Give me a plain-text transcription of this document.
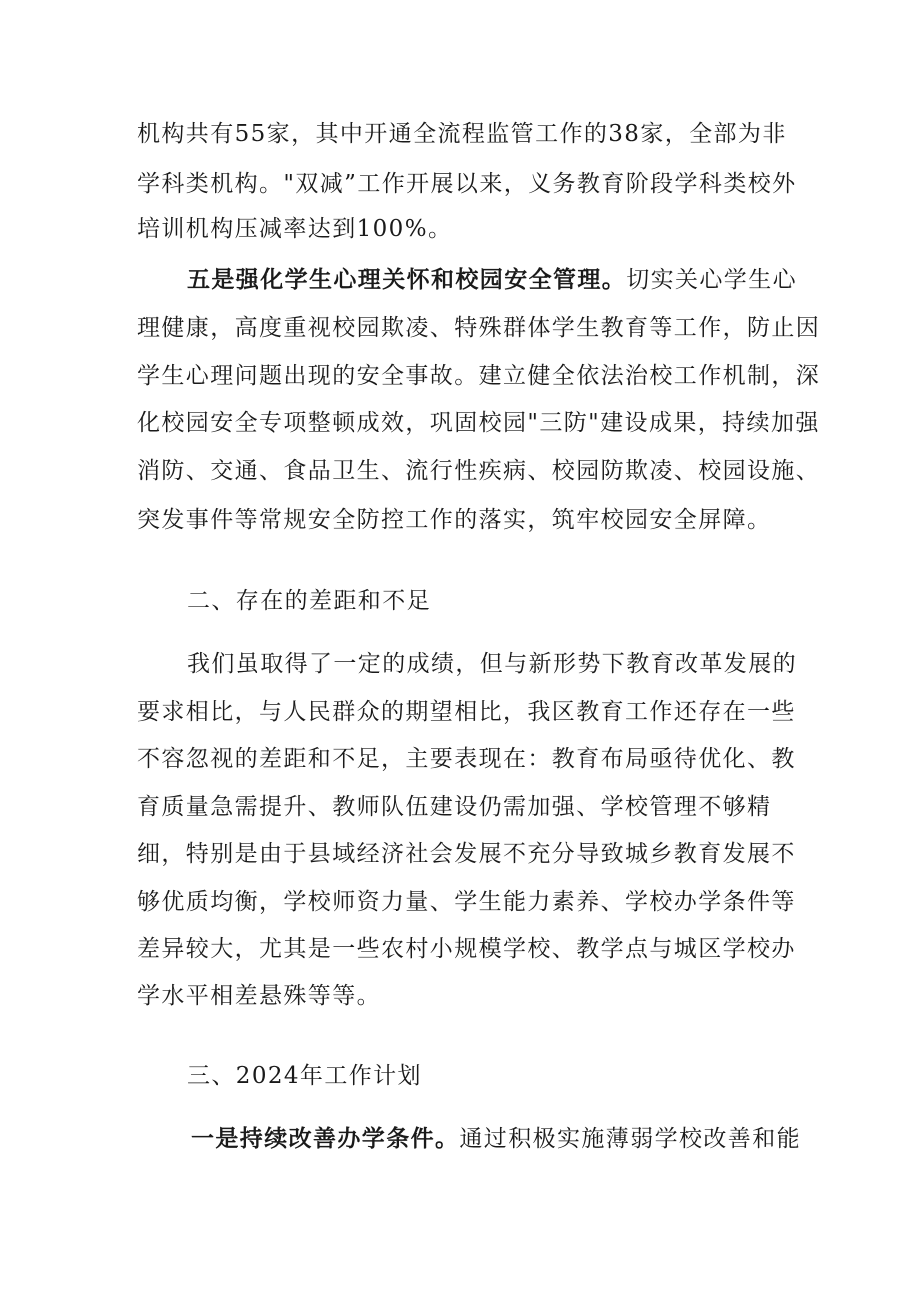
机构共有55家，其中开通全流程监管工作的38家，全部为非
学科类机构。"双减”工作开展以来，义务教育阶段学科类校外
培训机构压减率达到100%。
五是强化学生心理关怀和校园安全管理。切实关心学生心
理健康，高度重视校园欺凌、特殊群体学生教育等工作，防止因
学生心理问题出现的安全事故。建立健全依法治校工作机制，深
化校园安全专项整顿成效，巩固校园"三防"建设成果，持续加强
消防、交通、食品卫生、流行性疾病、校园防欺凌、校园设施、
突发事件等常规安全防控工作的落实，筑牢校园安全屏障。
二、存在的差距和不足
我们虽取得了一定的成绩，但与新形势下教育改革发展的
要求相比，与人民群众的期望相比，我区教育工作还存在一些
不容忽视的差距和不足，主要表现在：教育布局亟待优化、教
育质量急需提升、教师队伍建设仍需加强、学校管理不够精
细，特别是由于县域经济社会发展不充分导致城乡教育发展不
够优质均衡，学校师资力量、学生能力素养、学校办学条件等
差异较大，尤其是一些农村小规模学校、教学点与城区学校办
学水平相差悬殊等等。
三、2024年工作计划
一是持续改善办学条件。通过积极实施薄弱学校改善和能
